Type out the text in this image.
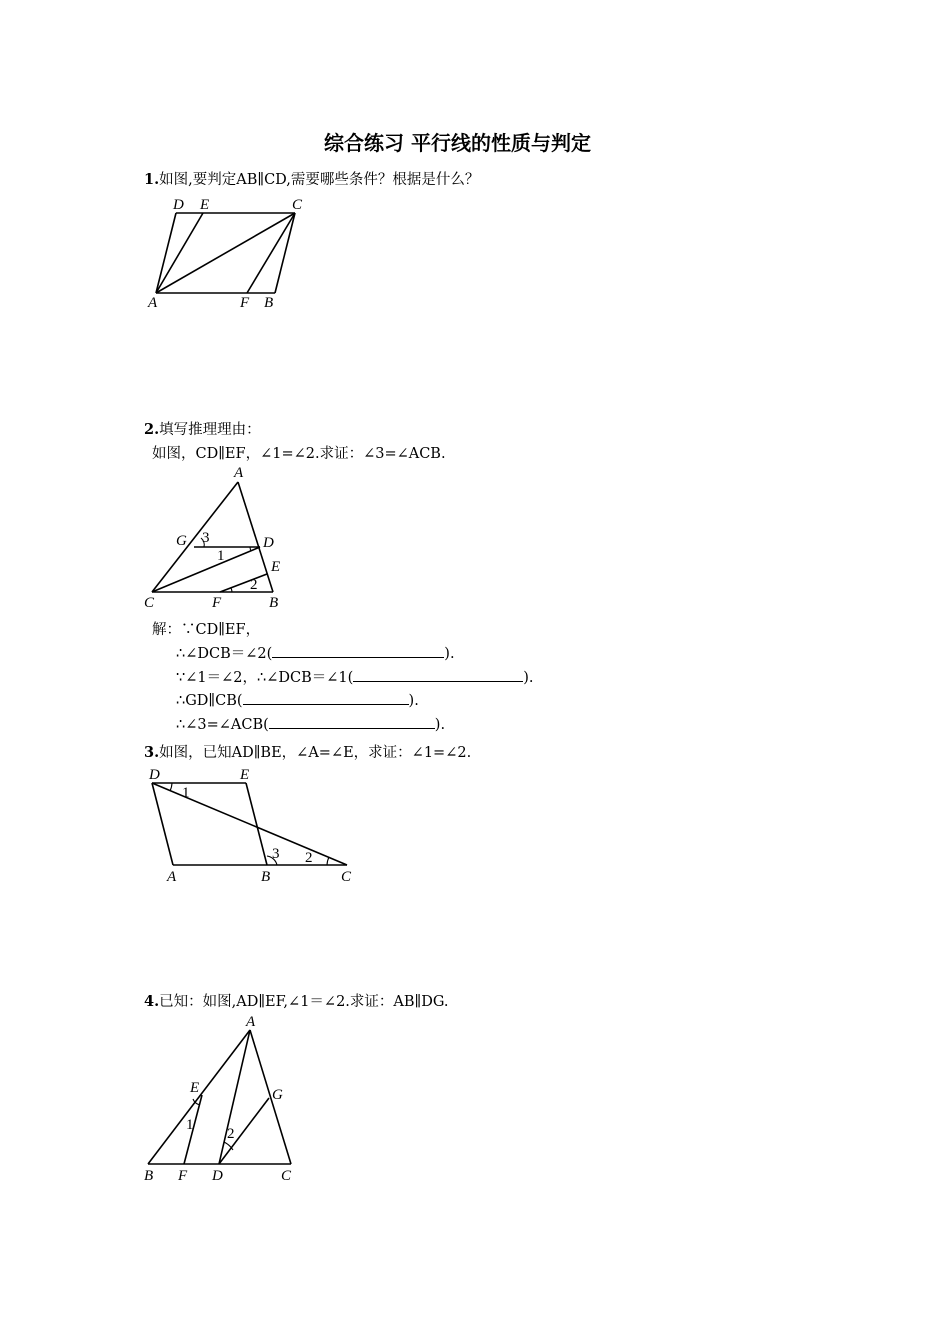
综合练习 平行线的性质与判定
1.如图,要判定AB∥CD,需要哪些条件？根据是什么？
D E	C
A	F B
2.填写推理理由：
如图，CD∥EF，∠1=∠2.求证：∠3=∠ACB.
A
G 3	D
1
E
2
C	F	B
解：∵CD∥EF，
∴∠DCB＝∠2(	).
∵∠1＝∠2，∴∠DCB＝∠1(	).
∴GD∥CB(	).
∴∠3=∠ACB(	).
3.如图，已知AD∥BE，∠A=∠E，求证：∠1=∠2.
D	E
1
3 2
A	B	C
4.已知：如图,AD∥EF,∠1＝∠2.求证：AB∥DG.
A
E	G
1
2
B F D	C
